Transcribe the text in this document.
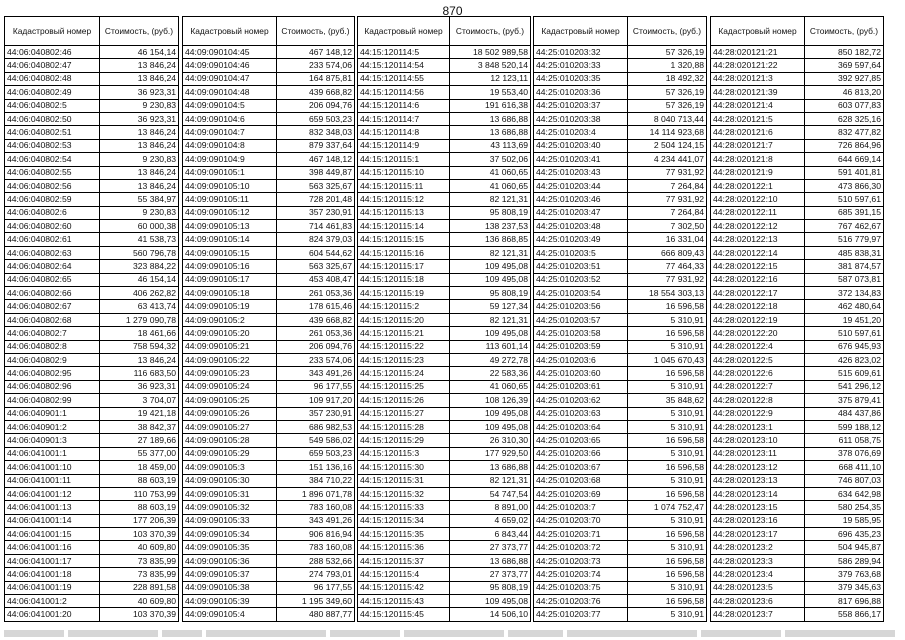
870
Кадастровый номер	Стоимость, (руб.)
44:06:040802:46	46 154,14
44:06:040802:47	13 846,24
44:06:040802:48	13 846,24
44:06:040802:49	36 923,31
44:06:040802:5	9 230,83
44:06:040802:50	36 923,31
44:06:040802:51	13 846,24
44:06:040802:53	13 846,24
44:06:040802:54	9 230,83
44:06:040802:55	13 846,24
44:06:040802:56	13 846,24
44:06:040802:59	55 384,97
44:06:040802:6	9 230,83
44:06:040802:60	60 000,38
44:06:040802:61	41 538,73
44:06:040802:63	560 796,78
44:06:040802:64	323 884,22
44:06:040802:65	46 154,14
44:06:040802:66	406 262,82
44:06:040802:67	63 413,74
44:06:040802:68	1 279 090,78
44:06:040802:7	18 461,66
44:06:040802:8	758 594,32
44:06:040802:9	13 846,24
44:06:040802:95	116 683,50
44:06:040802:96	36 923,31
44:06:040802:99	3 704,07
44:06:040901:1	19 421,18
44:06:040901:2	38 842,37
44:06:040901:3	27 189,66
44:06:041001:1	55 377,00
44:06:041001:10	18 459,00
44:06:041001:11	88 603,19
44:06:041001:12	110 753,99
44:06:041001:13	88 603,19
44:06:041001:14	177 206,39
44:06:041001:15	103 370,39
44:06:041001:16	40 609,80
44:06:041001:17	73 835,99
44:06:041001:18	73 835,99
44:06:041001:19	228 891,58
44:06:041001:2	40 609,80
44:06:041001:20	103 370,39
Кадастровый номер	Стоимость, (руб.)
44:09:090104:45	467 148,12
44:09:090104:46	233 574,06
44:09:090104:47	164 875,81
44:09:090104:48	439 668,82
44:09:090104:5	206 094,76
44:09:090104:6	659 503,23
44:09:090104:7	832 348,03
44:09:090104:8	879 337,64
44:09:090104:9	467 148,12
44:09:090105:1	398 449,87
44:09:090105:10	563 325,67
44:09:090105:11	728 201,48
44:09:090105:12	357 230,91
44:09:090105:13	714 461,83
44:09:090105:14	824 379,03
44:09:090105:15	604 544,62
44:09:090105:16	563 325,67
44:09:090105:17	453 408,47
44:09:090105:18	261 053,36
44:09:090105:19	178 615,46
44:09:090105:2	439 668,82
44:09:090105:20	261 053,36
44:09:090105:21	206 094,76
44:09:090105:22	233 574,06
44:09:090105:23	343 491,26
44:09:090105:24	96 177,55
44:09:090105:25	109 917,20
44:09:090105:26	357 230,91
44:09:090105:27	686 982,53
44:09:090105:28	549 586,02
44:09:090105:29	659 503,23
44:09:090105:3	151 136,16
44:09:090105:30	384 710,22
44:09:090105:31	1 896 071,78
44:09:090105:32	783 160,08
44:09:090105:33	343 491,26
44:09:090105:34	906 816,94
44:09:090105:35	783 160,08
44:09:090105:36	288 532,66
44:09:090105:37	274 793,01
44:09:090105:38	96 177,55
44:09:090105:39	1 195 349,60
44:09:090105:4	480 887,77
Кадастровый номер	Стоимость, (руб.)
44:15:120114:5	18 502 989,58
44:15:120114:54	3 848 520,14
44:15:120114:55	12 123,11
44:15:120114:56	19 553,40
44:15:120114:6	191 616,38
44:15:120114:7	13 686,88
44:15:120114:8	13 686,88
44:15:120114:9	43 113,69
44:15:120115:1	37 502,06
44:15:120115:10	41 060,65
44:15:120115:11	41 060,65
44:15:120115:12	82 121,31
44:15:120115:13	95 808,19
44:15:120115:14	138 237,53
44:15:120115:15	136 868,85
44:15:120115:16	82 121,31
44:15:120115:17	109 495,08
44:15:120115:18	109 495,08
44:15:120115:19	95 808,19
44:15:120115:2	59 127,34
44:15:120115:20	82 121,31
44:15:120115:21	109 495,08
44:15:120115:22	113 601,14
44:15:120115:23	49 272,78
44:15:120115:24	22 583,36
44:15:120115:25	41 060,65
44:15:120115:26	108 126,39
44:15:120115:27	109 495,08
44:15:120115:28	109 495,08
44:15:120115:29	26 310,30
44:15:120115:3	177 929,50
44:15:120115:30	13 686,88
44:15:120115:31	82 121,31
44:15:120115:32	54 747,54
44:15:120115:33	8 891,00
44:15:120115:34	4 659,02
44:15:120115:35	6 843,44
44:15:120115:36	27 373,77
44:15:120115:37	13 686,88
44:15:120115:4	27 373,77
44:15:120115:42	95 808,19
44:15:120115:43	109 495,08
44:15:120115:45	14 506,10
Кадастровый номер	Стоимость, (руб.)
44:25:010203:32	57 326,19
44:25:010203:33	1 320,88
44:25:010203:35	18 492,32
44:25:010203:36	57 326,19
44:25:010203:37	57 326,19
44:25:010203:38	8 040 713,44
44:25:010203:4	14 114 923,68
44:25:010203:40	2 504 124,15
44:25:010203:41	4 234 441,07
44:25:010203:43	77 931,92
44:25:010203:44	7 264,84
44:25:010203:46	77 931,92
44:25:010203:47	7 264,84
44:25:010203:48	7 302,50
44:25:010203:49	16 331,04
44:25:010203:5	666 809,43
44:25:010203:51	77 464,33
44:25:010203:52	77 931,92
44:25:010203:54	18 554 303,13
44:25:010203:56	16 596,58
44:25:010203:57	5 310,91
44:25:010203:58	16 596,58
44:25:010203:59	5 310,91
44:25:010203:6	1 045 670,43
44:25:010203:60	16 596,58
44:25:010203:61	5 310,91
44:25:010203:62	35 848,62
44:25:010203:63	5 310,91
44:25:010203:64	5 310,91
44:25:010203:65	16 596,58
44:25:010203:66	5 310,91
44:25:010203:67	16 596,58
44:25:010203:68	5 310,91
44:25:010203:69	16 596,58
44:25:010203:7	1 074 752,47
44:25:010203:70	5 310,91
44:25:010203:71	16 596,58
44:25:010203:72	5 310,91
44:25:010203:73	16 596,58
44:25:010203:74	16 596,58
44:25:010203:75	5 310,91
44:25:010203:76	16 596,58
44:25:010203:77	5 310,91
Кадастровый номер	Стоимость, (руб.)
44:28:020121:21	850 182,72
44:28:020121:22	369 597,64
44:28:020121:3	392 927,85
44:28:020121:39	46 813,20
44:28:020121:4	603 077,83
44:28:020121:5	628 325,16
44:28:020121:6	832 477,82
44:28:020121:7	726 864,96
44:28:020121:8	644 669,14
44:28:020121:9	591 401,81
44:28:020122:1	473 866,30
44:28:020122:10	510 597,61
44:28:020122:11	685 391,15
44:28:020122:12	767 462,67
44:28:020122:13	516 779,97
44:28:020122:14	485 838,31
44:28:020122:15	381 874,57
44:28:020122:16	587 073,81
44:28:020122:17	372 134,83
44:28:020122:18	462 480,64
44:28:020122:19	19 451,20
44:28:020122:20	510 597,61
44:28:020122:4	676 945,93
44:28:020122:5	426 823,02
44:28:020122:6	515 609,61
44:28:020122:7	541 296,12
44:28:020122:8	375 879,41
44:28:020122:9	484 437,86
44:28:020123:1	599 188,12
44:28:020123:10	611 058,75
44:28:020123:11	378 076,69
44:28:020123:12	668 411,10
44:28:020123:13	746 807,03
44:28:020123:14	634 642,98
44:28:020123:15	580 254,35
44:28:020123:16	19 585,95
44:28:020123:17	696 435,23
44:28:020123:2	504 945,87
44:28:020123:3	586 289,94
44:28:020123:4	379 763,68
44:28:020123:5	379 345,63
44:28:020123:6	817 696,88
44:28:020123:7	558 866,17
